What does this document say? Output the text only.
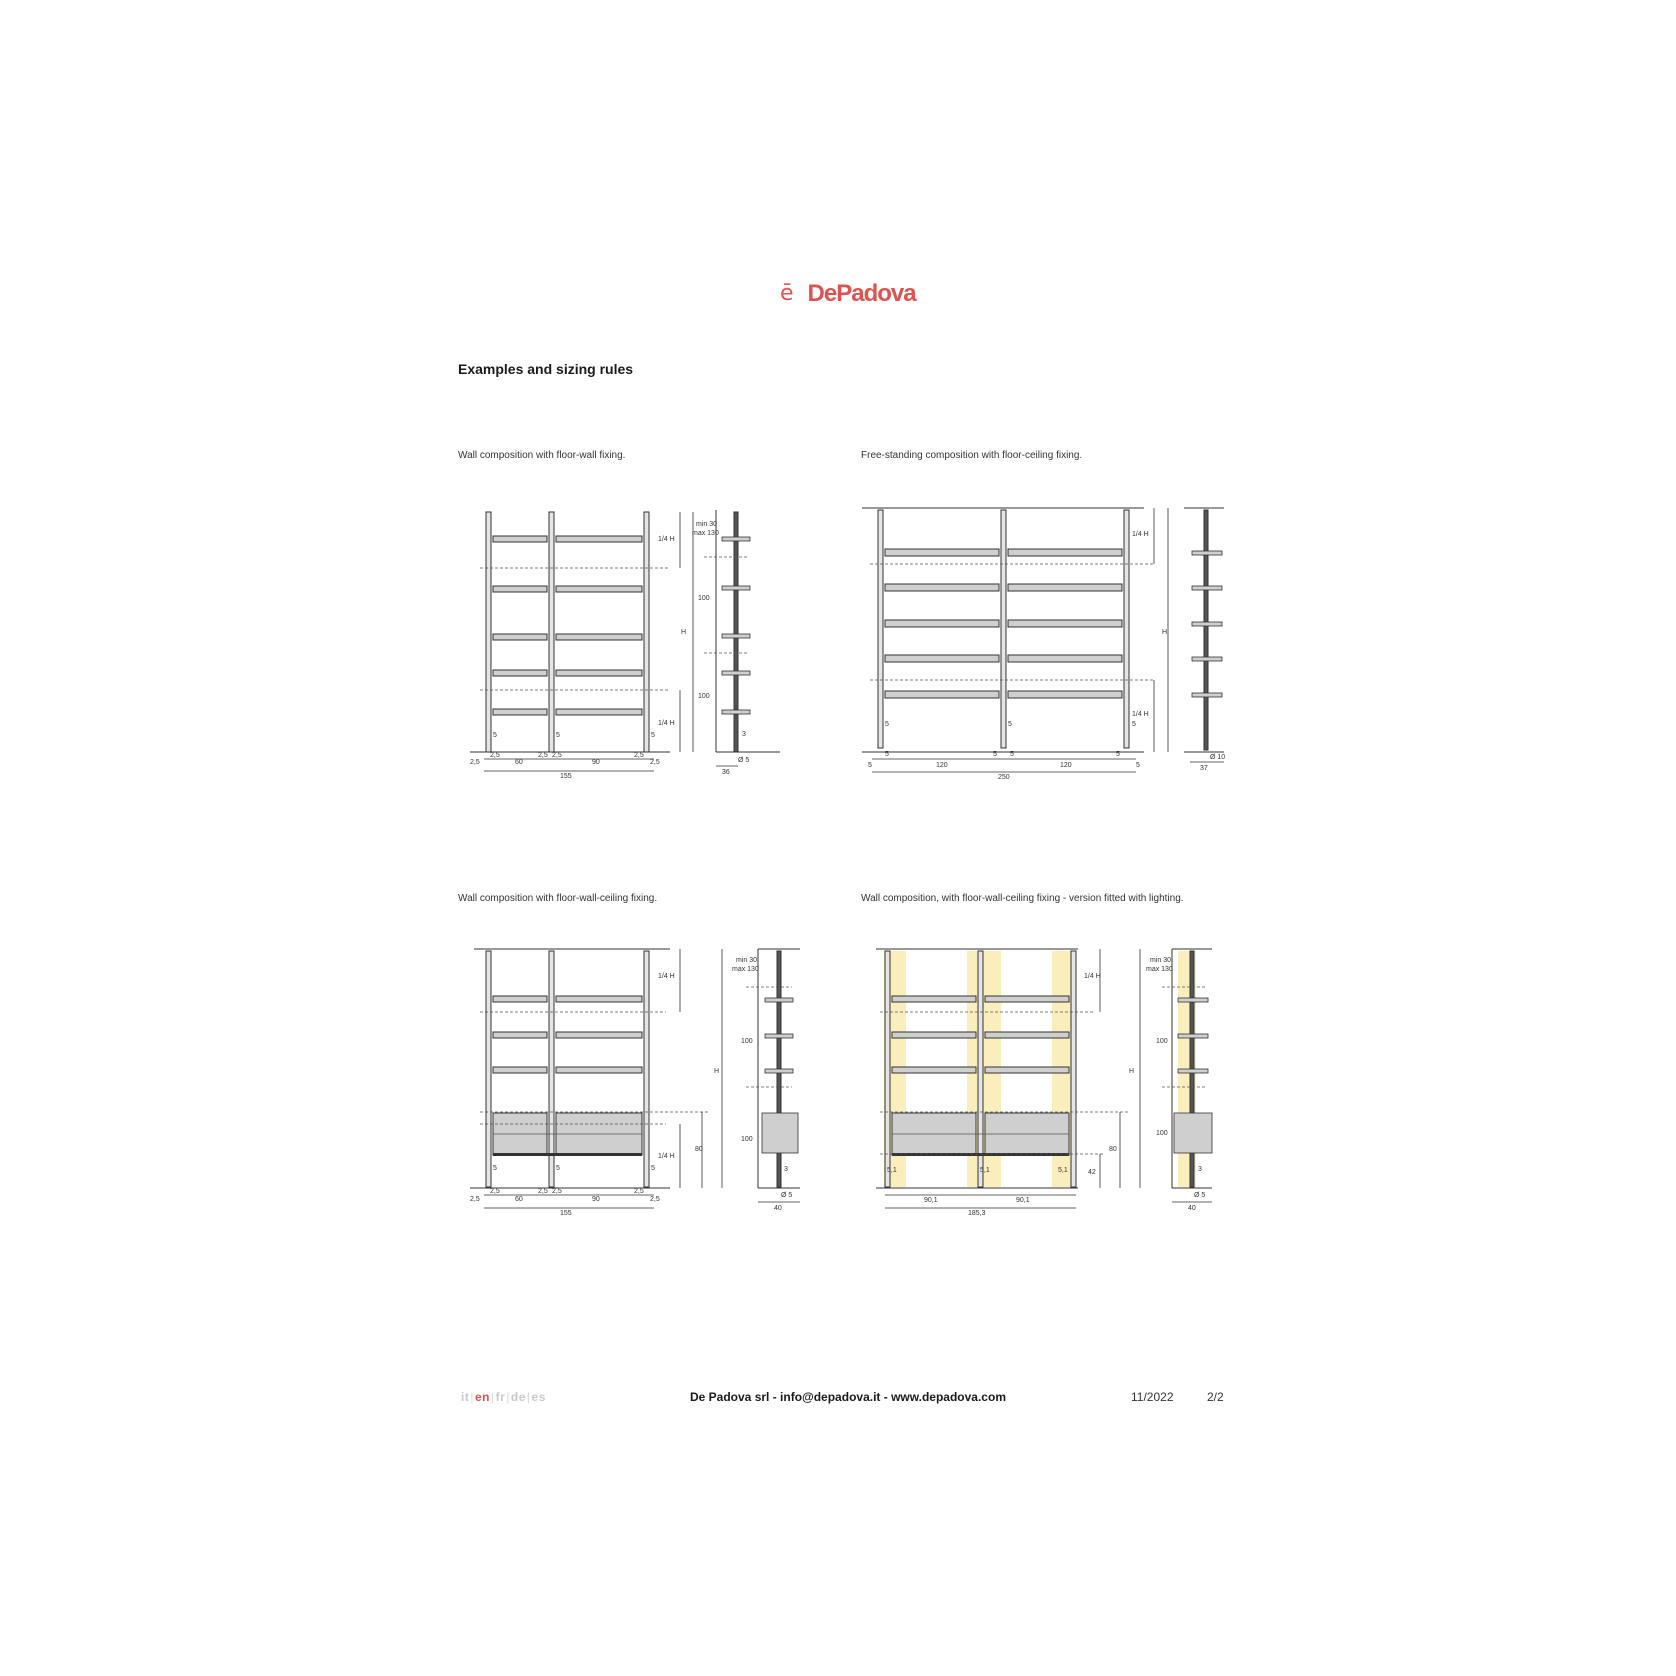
ē DePadova
Examples and sizing rules
Wall composition with floor-wall fixing.
1/4 H
1/4 H
H
5	5	5
2,5
2,5
2,5 2,5	2,5
2,5
60	90
155
min 30
max 130
100
100
3
Ø 5
36
Free-standing composition with floor-ceiling fixing.
1/4 H
1/4 H
H
5	5	5
5
5
5 5	5
5
120	120
250
Ø 10
37
Wall composition with floor-wall-ceiling fixing.
1/4 H
1/4 H
80
H
5	5	5
2,5
2,5
2,5 2,5	2,5
2,5
60	90
155
min 30
max 130
100
100
3
Ø 5
40
Wall composition, with floor-wall-ceiling fixing - version fitted with lighting.
1/4 H
42
80
H
5,1	5,1	5,1
90,1	90,1
185,3
min 30
max 130
100
100
3
Ø 5
40
it|en|fr|de|es	De Padova srl - info@depadova.it - www.depadova.com	11/2022	2/2
